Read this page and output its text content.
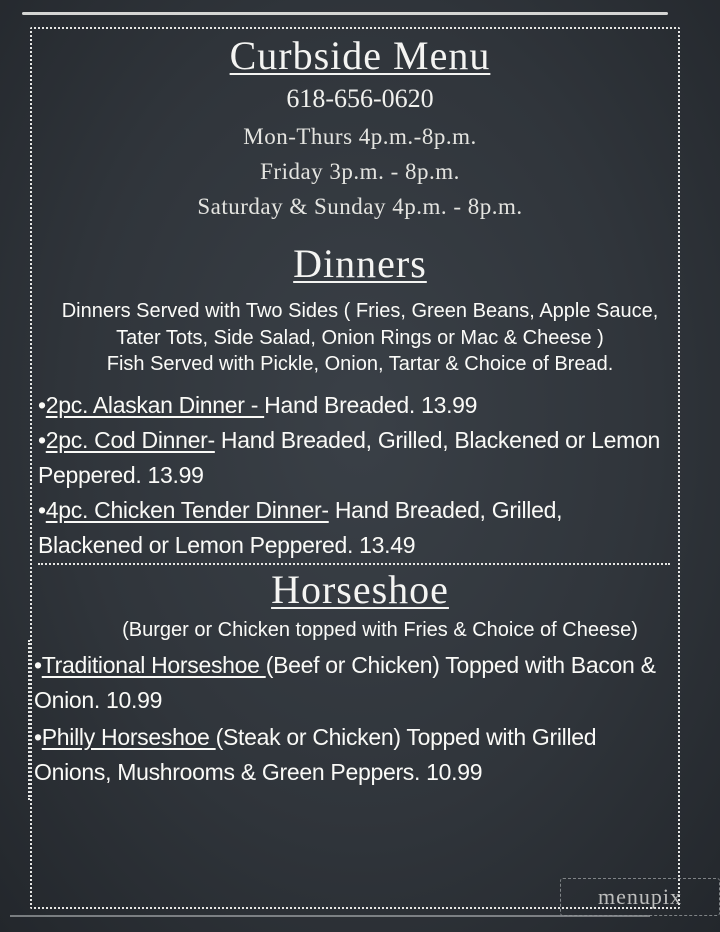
Curbside Menu
618-656-0620
Mon-Thurs 4p.m.-8p.m.
Friday 3p.m. - 8p.m.
Saturday & Sunday 4p.m. - 8p.m.
Dinners
Dinners Served with Two Sides ( Fries, Green Beans, Apple Sauce,
Tater Tots, Side Salad, Onion Rings or Mac & Cheese )
Fish Served with Pickle, Onion, Tartar & Choice of Bread.
•2pc. Alaskan Dinner - Hand Breaded. 13.99
•2pc. Cod Dinner- Hand Breaded, Grilled, Blackened or Lemon Peppered. 13.99
•4pc. Chicken Tender Dinner- Hand Breaded, Grilled, Blackened or Lemon Peppered. 13.49
Horseshoe
(Burger or Chicken topped with Fries & Choice of Cheese)
•Traditional Horseshoe (Beef or Chicken) Topped with Bacon & Onion. 10.99
•Philly Horseshoe (Steak or Chicken) Topped with Grilled Onions, Mushrooms & Green Peppers. 10.99
menupix
